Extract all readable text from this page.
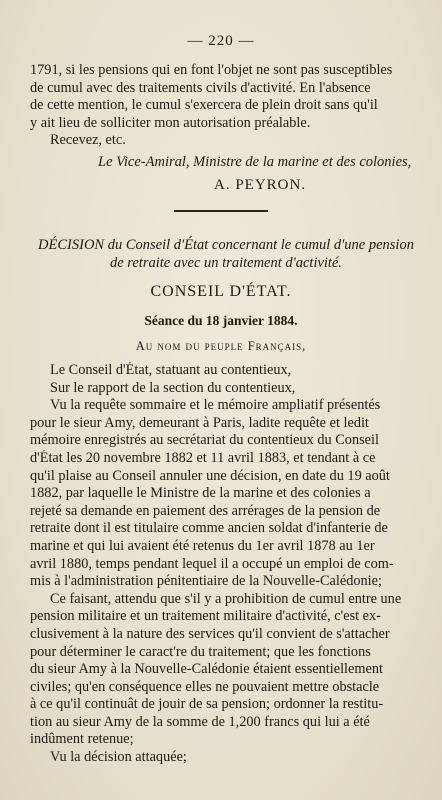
— 220 —
1791, si les pensions qui en font l'objet ne sont pas susceptibles
de cumul avec des traitements civils d'activité. En l'absence
de cette mention, le cumul s'exercera de plein droit sans qu'il
y ait lieu de solliciter mon autorisation préalable.
Recevez, etc.
Le Vice-Amiral, Ministre de la marine et des colonies,
A. PEYRON.
DÉCISION du Conseil d'État concernant le cumul d'une pension
de retraite avec un traitement d'activité.
CONSEIL D'ÉTAT.
Séance du 18 janvier 1884.
Au nom du peuple Français,
Le Conseil d'État, statuant au contentieux,
Sur le rapport de la section du contentieux,
Vu la requête sommaire et le mémoire ampliatif présentés
pour le sieur Amy, demeurant à Paris, ladite requête et ledit
mémoire enregistrés au secrétariat du contentieux du Conseil
d'État les 20 novembre 1882 et 11 avril 1883, et tendant à ce
qu'il plaise au Conseil annuler une décision, en date du 19 août
1882, par laquelle le Ministre de la marine et des colonies a
rejeté sa demande en paiement des arrérages de la pension de
retraite dont il est titulaire comme ancien soldat d'infanterie de
marine et qui lui avaient été retenus du 1er avril 1878 au 1er
avril 1880, temps pendant lequel il a occupé un emploi de com-
mis à l'administration pénitentiaire de la Nouvelle-Calédonie;
Ce faisant, attendu que s'il y a prohibition de cumul entre une
pension militaire et un traitement militaire d'activité, c'est ex-
clusivement à la nature des services qu'il convient de s'attacher
pour déterminer le caract're du traitement; que les fonctions
du sieur Amy à la Nouvelle-Calédonie étaient essentiellement
civiles; qu'en conséquence elles ne pouvaient mettre obstacle
à ce qu'il continuât de jouir de sa pension; ordonner la restitu-
tion au sieur Amy de la somme de 1,200 francs qui lui a été
indûment retenue;
Vu la décision attaquée;
